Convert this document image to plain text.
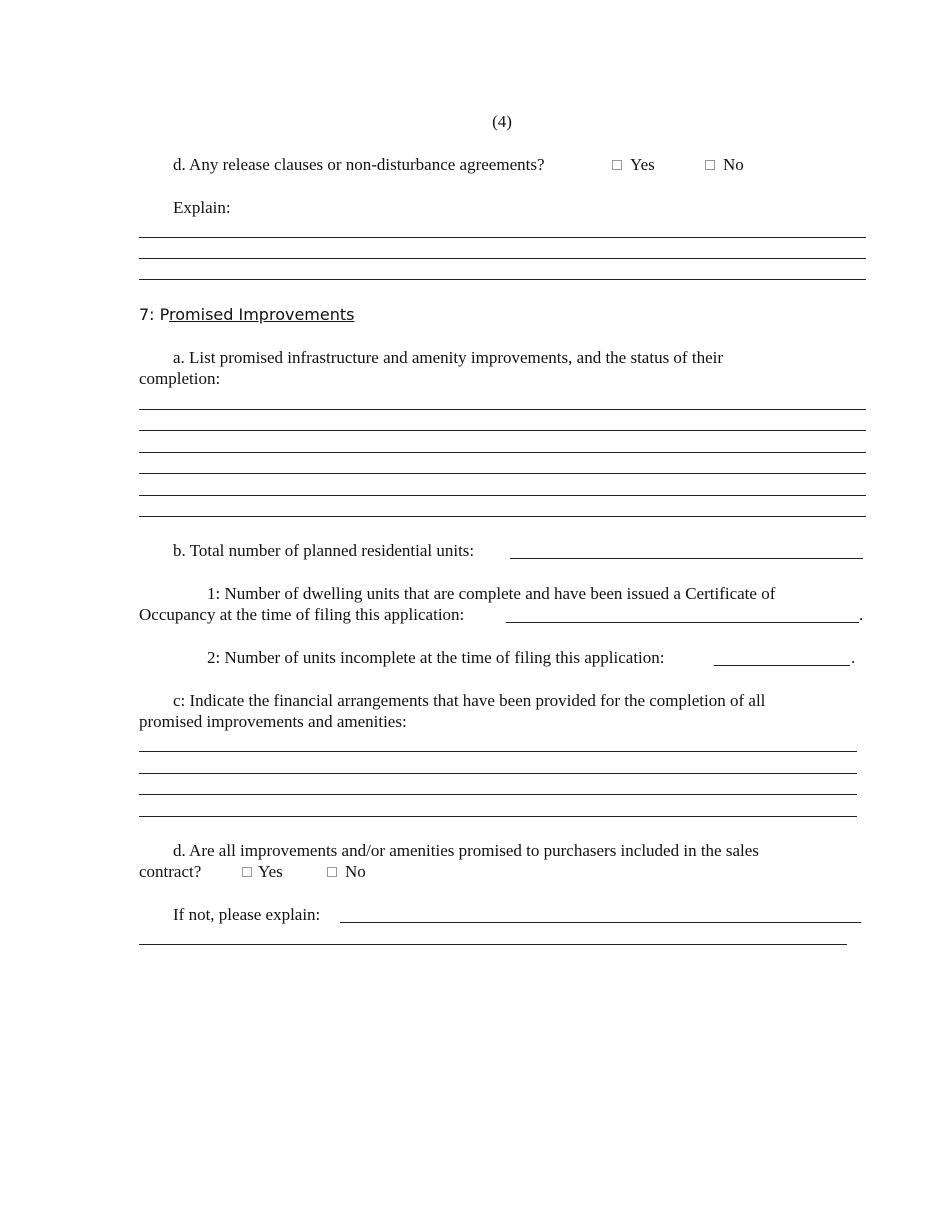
(4)
d. Any release clauses or non-disturbance agreements?	Yes	No
Explain:
7: Promised Improvements
a. List promised infrastructure and amenity improvements, and the status of their
completion:
b. Total number of planned residential units:
1: Number of dwelling units that are complete and have been issued a Certificate of
Occupancy at the time of filing this application:	.
2: Number of units incomplete at the time of filing this application:	.
c: Indicate the financial arrangements that have been provided for the completion of all
promised improvements and amenities:
d. Are all improvements and/or amenities promised to purchasers included in the sales
contract?	Yes	No
If not, please explain:
